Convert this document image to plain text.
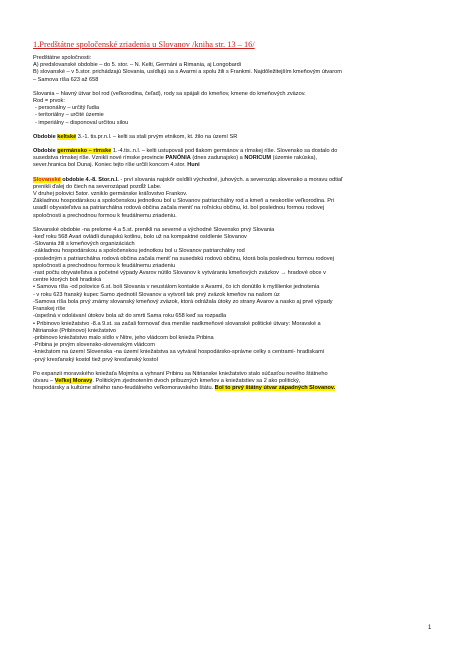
1.Predštátne spoločenské zriadenia u Slovanov /kniha str. 13 – 16/

Predštátne spoločnosti:

A) predslovanské obdobie – do 5. stor. – N. Kelti, Germáni a Rimania, aj Longobardi

B) slovanské – v 5.stor. prichádzajú Slovania, usídlujú sa s Avarmi a spolu žili s Frankmi. Najdôležitejším kmeňovým útvarom

– Samova ríša 623 až 658

Slovania – hlavný útvar bol rod (veľkorodina, čeľad), rody sa spájali do kmeňov, kmene do kmeňových zväzov.

Rod = prvok:

- personálny – určitý ľudia

- teritoriálny – určité územie

- imperiálny – disponoval určitou silou

Obdobie keltské 3.-1. tis.pr.n.l. – kelti sa stali prvým etnikom, kt. žilo na území SR

Obdobie germánsko – rímske 1.-4.tis..n.l. – kelti ustupovali pod tlakom germánov a rímskej ríše. Slovensko sa dostalo do

susedstva rímskej ríše. Vznikli nové rímske provincie PANÓNIA (dnes zadunajsko) a NORICUM (územie rakúska),

sever.hranica bol Dunaj. Koniec tejto ríše určili koncom 4.stor. Huni

Slovanské obdobie 4.-8. Stor.n.l. - prví slovania najskôr osídlili východné, juhových. a severozáp.slovensko a moravu odtiaľ

prenikli ďalej do čiech na severozápad pozdĺž Labe.

V druhej polovici 5stor. vzniklo germánske kráľovstvo Frankov.

Základnou hospodárskou a spoločenskou jednotkou bol u Slovanov patriarchálny rod a kmeň a neskoršie veľkorodina. Pri

usadlí obyvateľstva sa patriarchálna rodová občina začala meniť na roľnícku občinu, kt. bol poslednou formou rodovej

spoločnosti a prechodnou formou k feudálnemu zriadeniu.

Slovanské obdobie -na prelome 4.a 5.st. prenikli na severné a východné Slovensko prvý Slovania

-keď roku 568 Avari ovládli dunajskú kotlinu, bolo už na kompaktné osídlenie Slovanov

-Slovania žili s kmeňových organizáciách

-základnou hospodárskou a spoločenskou jednotkou bol u Slovanov patriarchálny rod

-posledným s patriarchálna rodová občina začala meniť na susedskú rodovú občinu, ktorá bola poslednou formou rodovej

spoločnosti a prechodnou formou k feudálnemu zriadeniu

-rast počtu obyvateľstva a početné výpady Avarov nútilo Slovanov k vytváraniu kmeňových zväzkov → hradové obce v

centre ktorých boli hradiská

• Samova ríša -od polovice 6.st. boli Slovania v neustálom kontakte s Avarmi, čo ich donútilo k myšlienke jednotenia

- v roku 623 franský kupec Samo zjednotil Slovanov a vytvoril tak prvý zväzok kmeňov na našom úz

-Samova ríša bola prvý známy slovanský kmeňový zväzok, ktorá odrážala útoky zo strany Avarov a nasko aj prvé výpady

Franskej ríše

-úspešná v odolávaní útokov bola až do smrti Sama roku 658 keď sa rozpadla

• Pribinovo kniežatstvo -8.a 9.st. sa začali formovať dva menšie nadkmeňové slovanské politické útvary: Moravské a

Nitrianske (Pribinovo) kniežatstvo

-pribinovo kniežatstvo malo sídlo v Nitre, jeho vládcom bol knieža Pribina

-Pribina je prvým slovensko-slovenským vládcom

-kniežatom na území Slovenska -na území kniežatstva sa vytváral hospodársko-správne celky s centrami- hradiskami

-prvý kresťanský kostol tiež prvý kresťanský kostol

Po expanzii moravského kniežaťa Mojmíra a vyhnaní Pribinu sa Nitrianske kniežatstvo stalo súčasťou nového štátneho

útvaru – Veľkej Moravy. Politickým zjednotením dvoch príbuzných kmeňov a kniežatstiev sa 2 ako politický,

hospodársky a kultúrne silného rano-feudálneho veľkomoravského štátu. Bol to prvý štátny útvar západných Slovanov.

1
